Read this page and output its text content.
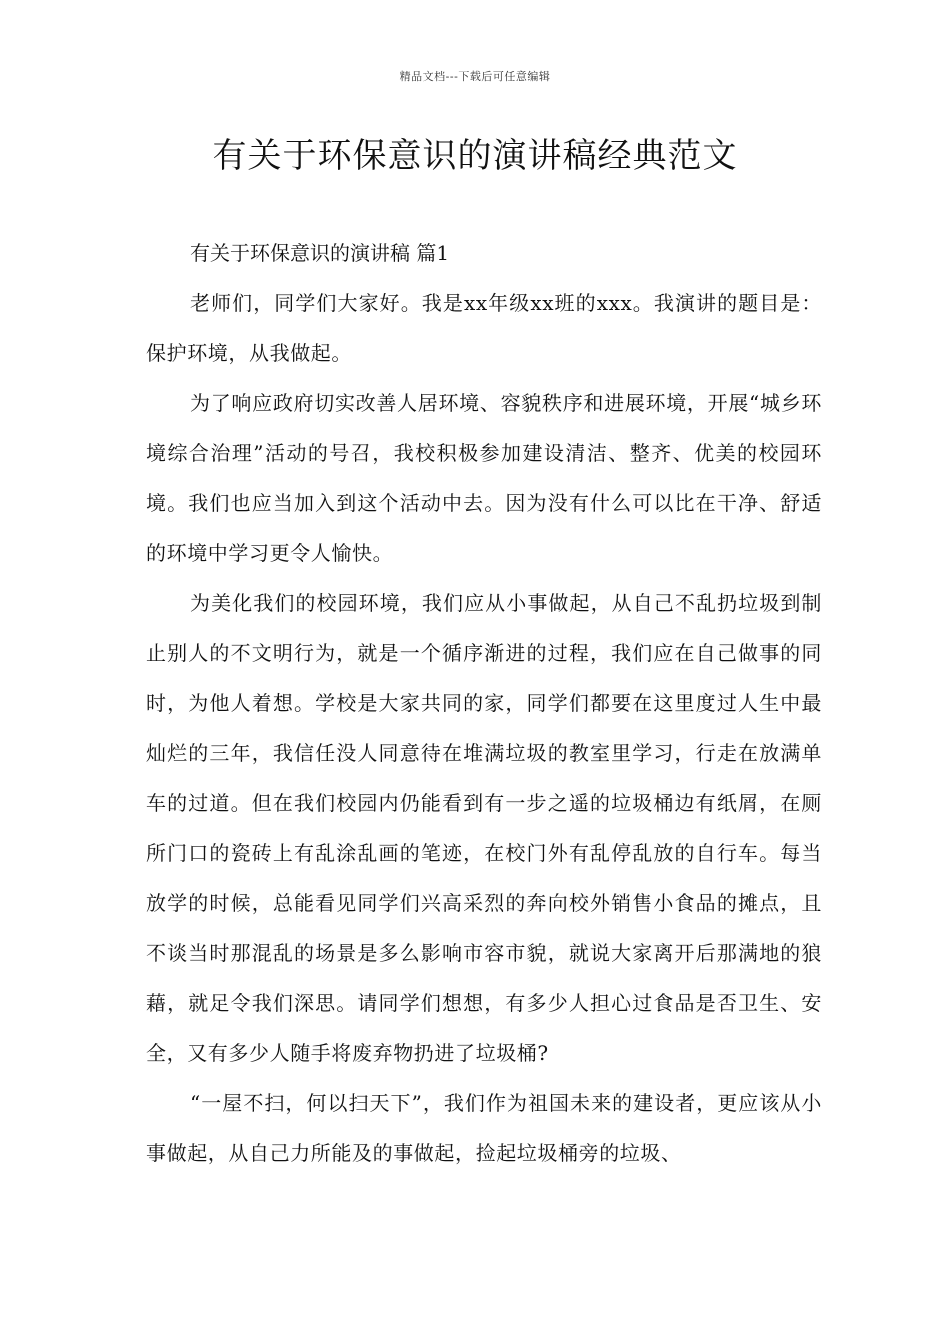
精品文档---下载后可任意编辑
有关于环保意识的演讲稿经典范文

有关于环保意识的演讲稿 篇1

老师们，同学们大家好。我是xx年级xx班的xxx。我演讲的题目是：保护环境，从我做起。

为了响应政府切实改善人居环境、容貌秩序和进展环境，开展“城乡环境综合治理”活动的号召，我校积极参加建设清洁、整齐、优美的校园环境。我们也应当加入到这个活动中去。因为没有什么可以比在干净、舒适的环境中学习更令人愉快。

为美化我们的校园环境，我们应从小事做起，从自己不乱扔垃圾到制止别人的不文明行为，就是一个循序渐进的过程，我们应在自己做事的同时，为他人着想。学校是大家共同的家，同学们都要在这里度过人生中最灿烂的三年，我信任没人同意待在堆满垃圾的教室里学习，行走在放满单车的过道。但在我们校园内仍能看到有一步之遥的垃圾桶边有纸屑，在厕所门口的瓷砖上有乱涂乱画的笔迹，在校门外有乱停乱放的自行车。每当放学的时候，总能看见同学们兴高采烈的奔向校外销售小食品的摊点，且不谈当时那混乱的场景是多么影响市容市貌，就说大家离开后那满地的狼藉，就足令我们深思。请同学们想想，有多少人担心过食品是否卫生、安全，又有多少人随手将废弃物扔进了垃圾桶?

“一屋不扫，何以扫天下”，我们作为祖国未来的建设者，更应该从小事做起，从自己力所能及的事做起，捡起垃圾桶旁的垃圾、
